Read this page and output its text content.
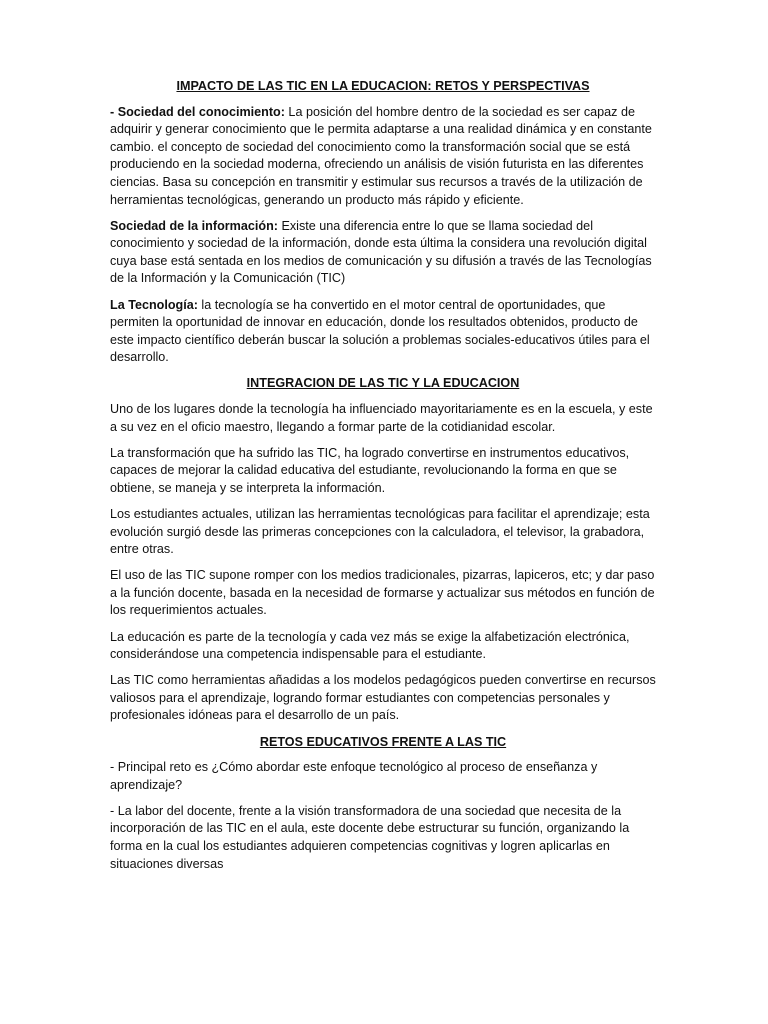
IMPACTO DE LAS TIC EN LA EDUCACION: RETOS Y PERSPECTIVAS

- Sociedad del conocimiento: La posición del hombre dentro de la sociedad es ser capaz de adquirir y generar conocimiento que le permita adaptarse a una realidad dinámica y en constante cambio. el concepto de sociedad del conocimiento como la transformación social que se está produciendo en la sociedad moderna, ofreciendo un análisis de visión futurista en las diferentes ciencias. Basa su concepción en transmitir y estimular sus recursos a través de la utilización de herramientas tecnológicas, generando un producto más rápido y eficiente.

Sociedad de la información: Existe una diferencia entre lo que se llama sociedad del conocimiento y sociedad de la información, donde esta última la considera una revolución digital cuya base está sentada en los medios de comunicación y su difusión a través de las Tecnologías de la Información y la Comunicación (TIC)

La Tecnología: la tecnología se ha convertido en el motor central de oportunidades, que permiten la oportunidad de innovar en educación, donde los resultados obtenidos, producto de este impacto científico deberán buscar la solución a problemas sociales-educativos útiles para el desarrollo.

INTEGRACION DE LAS TIC Y LA EDUCACION

Uno de los lugares donde la tecnología ha influenciado mayoritariamente es en la escuela, y este a su vez en el oficio maestro, llegando a formar parte de la cotidianidad escolar.

La transformación que ha sufrido las TIC, ha logrado convertirse en instrumentos educativos, capaces de mejorar la calidad educativa del estudiante, revolucionando la forma en que se obtiene, se maneja y se interpreta la información.

Los estudiantes actuales, utilizan las herramientas tecnológicas para facilitar el aprendizaje; esta evolución surgió desde las primeras concepciones con la calculadora, el televisor, la grabadora, entre otras.

El uso de las TIC supone romper con los medios tradicionales, pizarras, lapiceros, etc; y dar paso a la función docente, basada en la necesidad de formarse y actualizar sus métodos en función de los requerimientos actuales.

La educación es parte de la tecnología y cada vez más se exige la alfabetización electrónica, considerándose una competencia indispensable para el estudiante.

Las TIC como herramientas añadidas a los modelos pedagógicos pueden convertirse en recursos valiosos para el aprendizaje, logrando formar estudiantes con competencias personales y profesionales idóneas para el desarrollo de un país.

RETOS EDUCATIVOS FRENTE A LAS TIC

- Principal reto es ¿Cómo abordar este enfoque tecnológico al proceso de enseñanza y aprendizaje?

- La labor del docente, frente a la visión transformadora de una sociedad que necesita de la incorporación de las TIC en el aula, este docente debe estructurar su función, organizando la forma en la cual los estudiantes adquieren competencias cognitivas y logren aplicarlas en situaciones diversas
